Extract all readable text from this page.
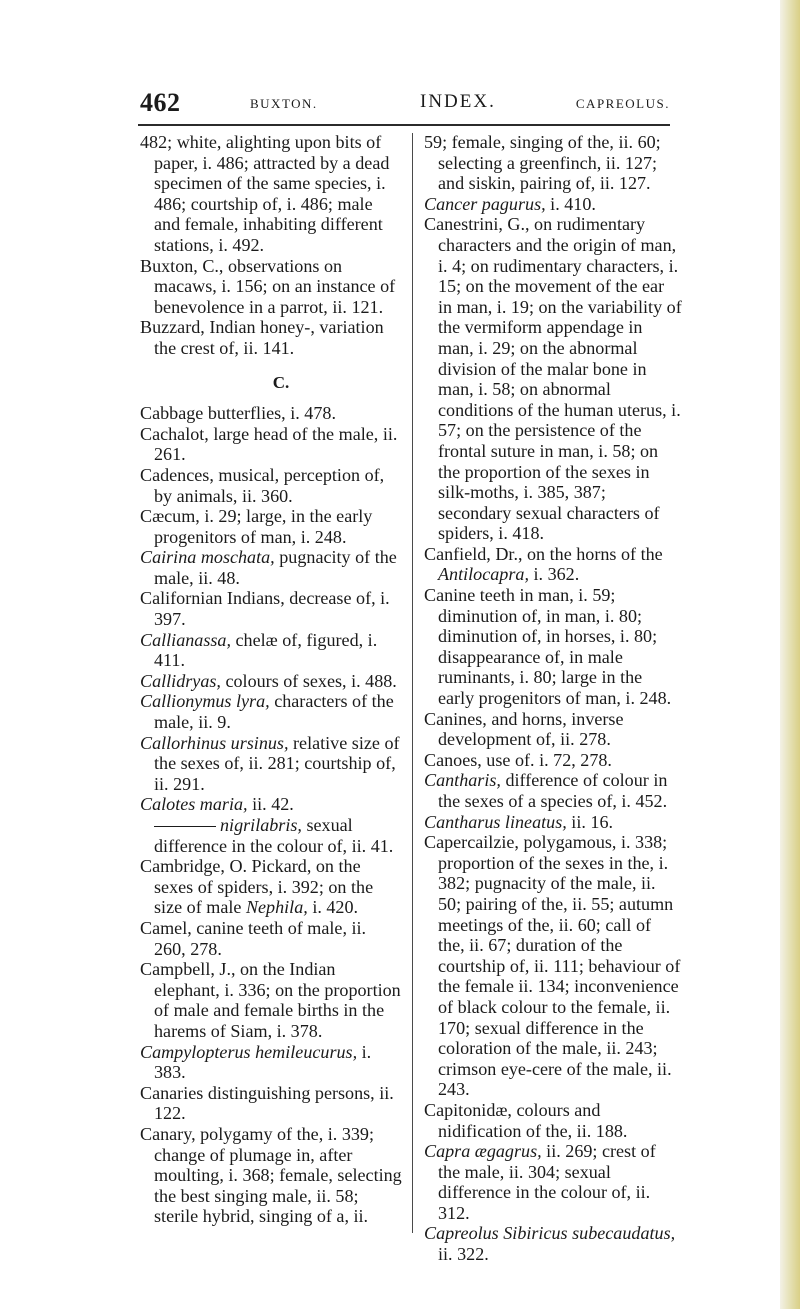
462	BUXTON.	INDEX.	CAPREOLUS.

482; white, alighting upon bits of paper, i. 486; attracted by a dead specimen of the same species, i. 486; courtship of, i. 486; male and female, inhabiting different stations, i. 492.

Buxton, C., observations on macaws, i. 156; on an instance of benevolence in a parrot, ii. 121.

Buzzard, Indian honey-, variation the crest of, ii. 141.

C.

Cabbage butterflies, i. 478.

Cachalot, large head of the male, ii. 261.

Cadences, musical, perception of, by animals, ii. 360.

Cæcum, i. 29; large, in the early progenitors of man, i. 248.

Cairina moschata, pugnacity of the male, ii. 48.

Californian Indians, decrease of, i. 397.

Callianassa, chelæ of, figured, i. 411.

Callidryas, colours of sexes, i. 488.

Callionymus lyra, characters of the male, ii. 9.

Callorhinus ursinus, relative size of the sexes of, ii. 281; courtship of, ii. 291.

Calotes maria, ii. 42.

nigrilabris, sexual difference in the colour of, ii. 41.

Cambridge, O. Pickard, on the sexes of spiders, i. 392; on the size of male Nephila, i. 420.

Camel, canine teeth of male, ii. 260, 278.

Campbell, J., on the Indian elephant, i. 336; on the proportion of male and female births in the harems of Siam, i. 378.

Campylopterus hemileucurus, i. 383.

Canaries distinguishing persons, ii. 122.

Canary, polygamy of the, i. 339; change of plumage in, after moulting, i. 368; female, selecting the best singing male, ii. 58; sterile hybrid, singing of a, ii.

59; female, singing of the, ii. 60; selecting a greenfinch, ii. 127; and siskin, pairing of, ii. 127.

Cancer pagurus, i. 410.

Canestrini, G., on rudimentary characters and the origin of man, i. 4; on rudimentary characters, i. 15; on the movement of the ear in man, i. 19; on the variability of the vermiform appendage in man, i. 29; on the abnormal division of the malar bone in man, i. 58; on abnormal conditions of the human uterus, i. 57; on the persistence of the frontal suture in man, i. 58; on the proportion of the sexes in silk-moths, i. 385, 387; secondary sexual characters of spiders, i. 418.

Canfield, Dr., on the horns of the Antilocapra, i. 362.

Canine teeth in man, i. 59; diminution of, in man, i. 80; diminution of, in horses, i. 80; disappearance of, in male ruminants, i. 80; large in the early progenitors of man, i. 248.

Canines, and horns, inverse development of, ii. 278.

Canoes, use of. i. 72, 278.

Cantharis, difference of colour in the sexes of a species of, i. 452.

Cantharus lineatus, ii. 16.

Capercailzie, polygamous, i. 338; proportion of the sexes in the, i. 382; pugnacity of the male, ii. 50; pairing of the, ii. 55; autumn meetings of the, ii. 60; call of the, ii. 67; duration of the courtship of, ii. 111; behaviour of the female ii. 134; inconvenience of black colour to the female, ii. 170; sexual difference in the coloration of the male, ii. 243; crimson eye-cere of the male, ii. 243.

Capitonidæ, colours and nidification of the, ii. 188.

Capra ægagrus, ii. 269; crest of the male, ii. 304; sexual difference in the colour of, ii. 312.

Capreolus Sibiricus subecaudatus, ii. 322.
